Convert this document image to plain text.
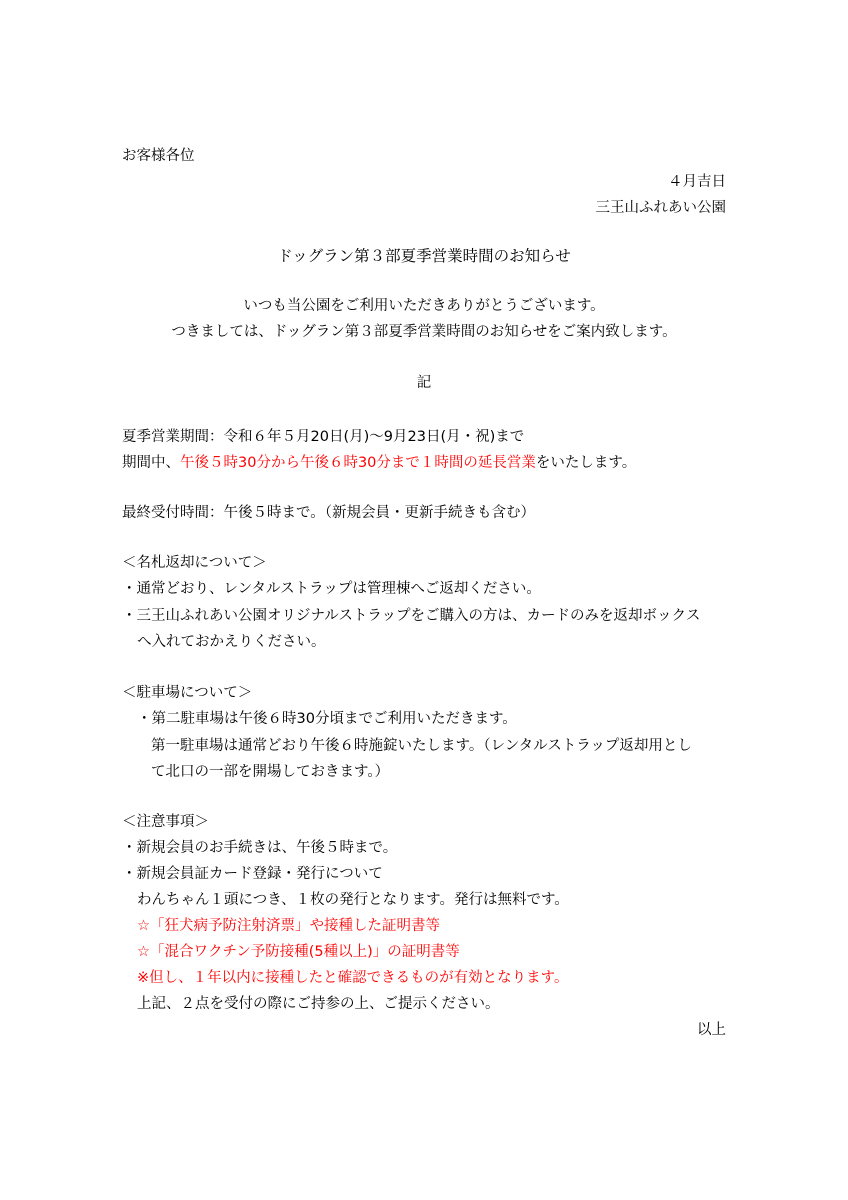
お客様各位
４月吉日
三王山ふれあい公園
ドッグラン第３部夏季営業時間のお知らせ
いつも当公園をご利用いただきありがとうございます。
つきましては、ドッグラン第３部夏季営業時間のお知らせをご案内致します。
記
夏季営業期間：令和６年５月20日(月)〜9月23日(月・祝)まで
期間中、午後５時30分から午後６時30分まで１時間の延長営業をいたします。
最終受付時間：午後５時まで。（新規会員・更新手続きも含む）
＜名札返却について＞
・通常どおり、レンタルストラップは管理棟へご返却ください。
・三王山ふれあい公園オリジナルストラップをご購入の方は、カードのみを返却ボックス
へ入れておかえりください。
＜駐車場について＞
・第二駐車場は午後６時30分頃までご利用いただきます。
第一駐車場は通常どおり午後６時施錠いたします。（レンタルストラップ返却用とし
て北口の一部を開場しておきます。）
＜注意事項＞
・新規会員のお手続きは、午後５時まで。
・新規会員証カード登録・発行について
わんちゃん１頭につき、１枚の発行となります。発行は無料です。
☆「狂犬病予防注射済票」や接種した証明書等
☆「混合ワクチン予防接種(5種以上)」の証明書等
※但し、１年以内に接種したと確認できるものが有効となります。
上記、２点を受付の際にご持参の上、ご提示ください。
以上
